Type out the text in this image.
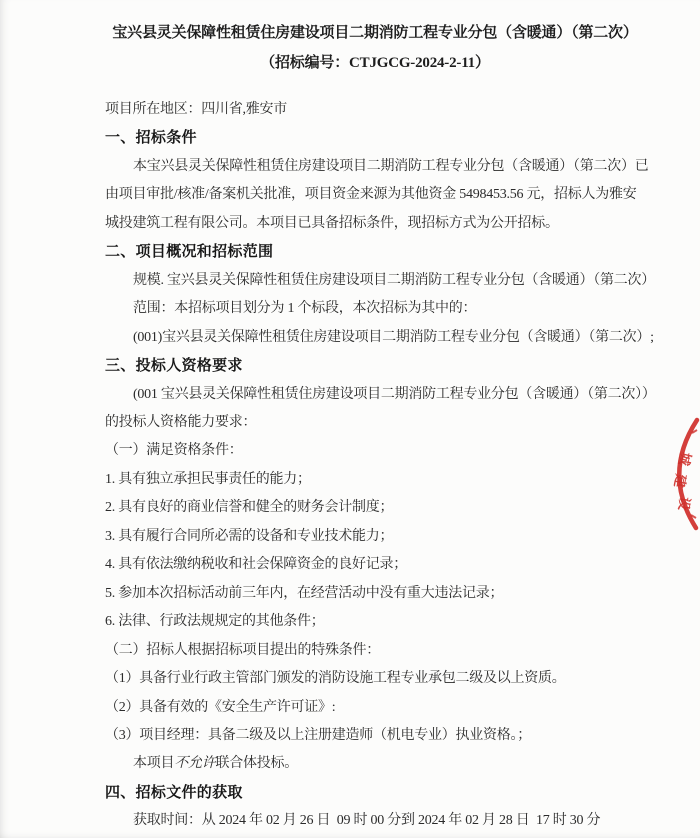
宝兴县灵关保障性租赁住房建设项目二期消防工程专业分包（含暖通）（第二次）
（招标编号：CTJGCG-2024-2-11）
项目所在地区：四川省,雅安市
一、招标条件
本宝兴县灵关保障性租赁住房建设项目二期消防工程专业分包（含暖通）（第二次）已
由项目审批/核准/备案机关批准，项目资金来源为其他资金 5498453.56 元，招标人为雅安
城投建筑工程有限公司。本项目已具备招标条件，现招标方式为公开招标。
二、项目概况和招标范围
规模. 宝兴县灵关保障性租赁住房建设项目二期消防工程专业分包（含暖通）（第二次）
范围：本招标项目划分为 1 个标段，本次招标为其中的：
(001)宝兴县灵关保障性租赁住房建设项目二期消防工程专业分包（含暖通）（第二次）;
三、投标人资格要求
(001 宝兴县灵关保障性租赁住房建设项目二期消防工程专业分包（含暖通）（第二次））
的投标人资格能力要求：
（一）满足资格条件：
1. 具有独立承担民事责任的能力；
2. 具有良好的商业信誉和健全的财务会计制度；
3. 具有履行合同所必需的设备和专业技术能力；
4. 具有依法缴纳税收和社会保障资金的良好记录；
5. 参加本次招标活动前三年内，在经营活动中没有重大违法记录；
6. 法律、行政法规规定的其他条件；
（二）招标人根据招标项目提出的特殊条件：
（1）具备行业行政主管部门颁发的消防设施工程专业承包二级及以上资质。
（2）具备有效的《安全生产许可证》:
（3）项目经理：具备二级及以上注册建造师（机电专业）执业资格。；
本项目不允许联合体投标。
四、招标文件的获取
获取时间：从 2024 年 02 月 26 日  09 时 00 分到 2024 年 02 月 28 日  17 时 30 分
城
建
设
